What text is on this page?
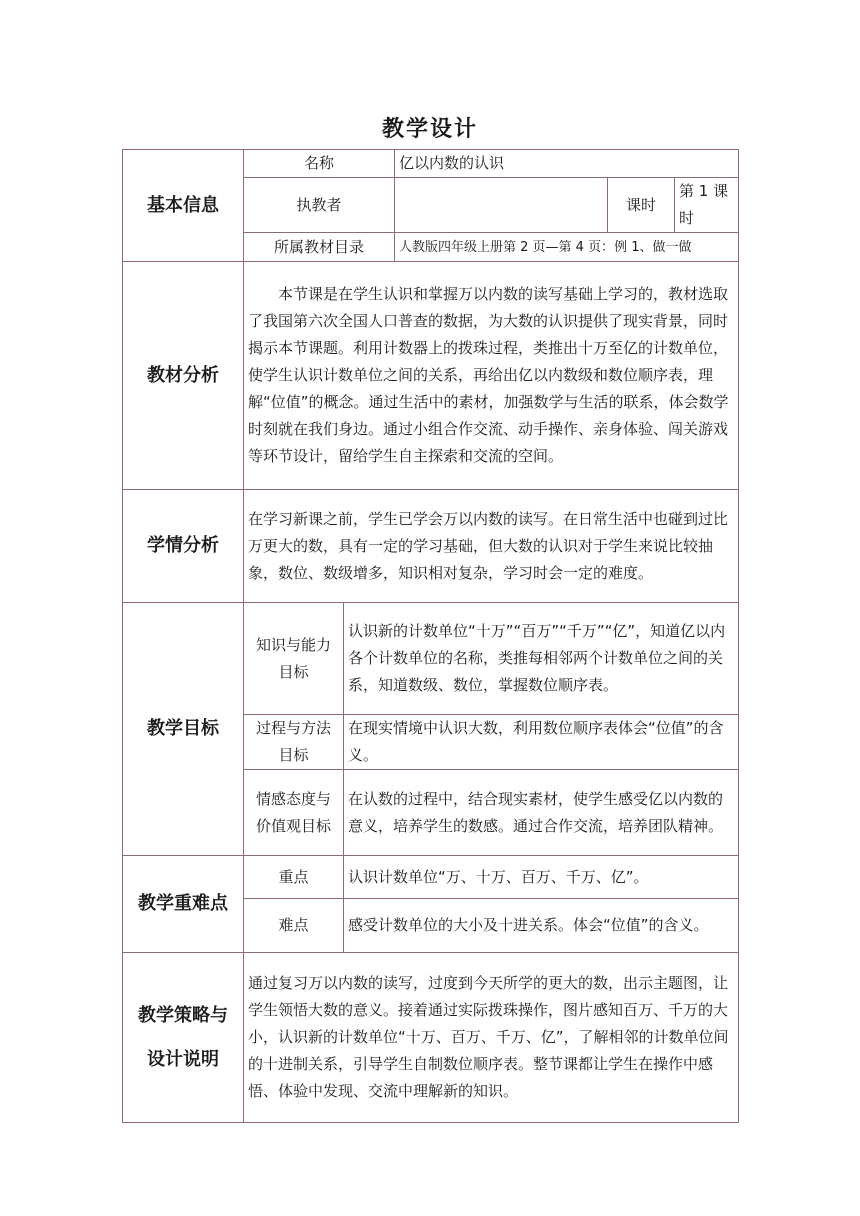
教学设计
基本信息	名称		亿以内数的认识		
	执教者			课时	第 1 课时
	所属教材目录		人教版四年级上册第 2 页—第 4 页：例 1、做一做		
教材分析	本节课是在学生认识和掌握万以内数的读写基础上学习的，教材选取了我国第六次全国人口普查的数据，为大数的认识提供了现实背景，同时揭示本节课题。利用计数器上的拨珠过程，类推出十万至亿的计数单位，使学生认识计数单位之间的关系，再给出亿以内数级和数位顺序表，理解“位值”的概念。通过生活中的素材，加强数学与生活的联系，体会数学时刻就在我们身边。通过小组合作交流、动手操作、亲身体验、闯关游戏等环节设计，留给学生自主探索和交流的空间。				
学情分析	在学习新课之前，学生已学会万以内数的读写。在日常生活中也碰到过比万更大的数，具有一定的学习基础，但大数的认识对于学生来说比较抽象，数位、数级增多，知识相对复杂，学习时会一定的难度。				
教学目标	知识与能力
目标	认识新的计数单位“十万”“百万”“千万”“亿”，知道亿以内各个计数单位的名称，类推每相邻两个计数单位之间的关系，知道数级、数位，掌握数位顺序表。			

	过程与方法
目标	在现实情境中认识大数，利用数位顺序表体会“位值”的含义。			

	情感态度与
价值观目标	在认数的过程中，结合现实素材，使学生感受亿以内数的意义，培养学生的数感。通过合作交流，培养团队精神。			
教学重难点	重点	认识计数单位“万、十万、百万、千万、亿”。			
	难点	感受计数单位的大小及十进关系。体会“位值”的含义。			

教学策略与
设计说明	通过复习万以内数的读写，过度到今天所学的更大的数，出示主题图，让学生领悟大数的意义。接着通过实际拨珠操作，图片感知百万、千万的大小，认识新的计数单位“十万、百万、千万、亿”，了解相邻的计数单位间的十进制关系，引导学生自制数位顺序表。整节课都让学生在操作中感悟、体验中发现、交流中理解新的知识。				
